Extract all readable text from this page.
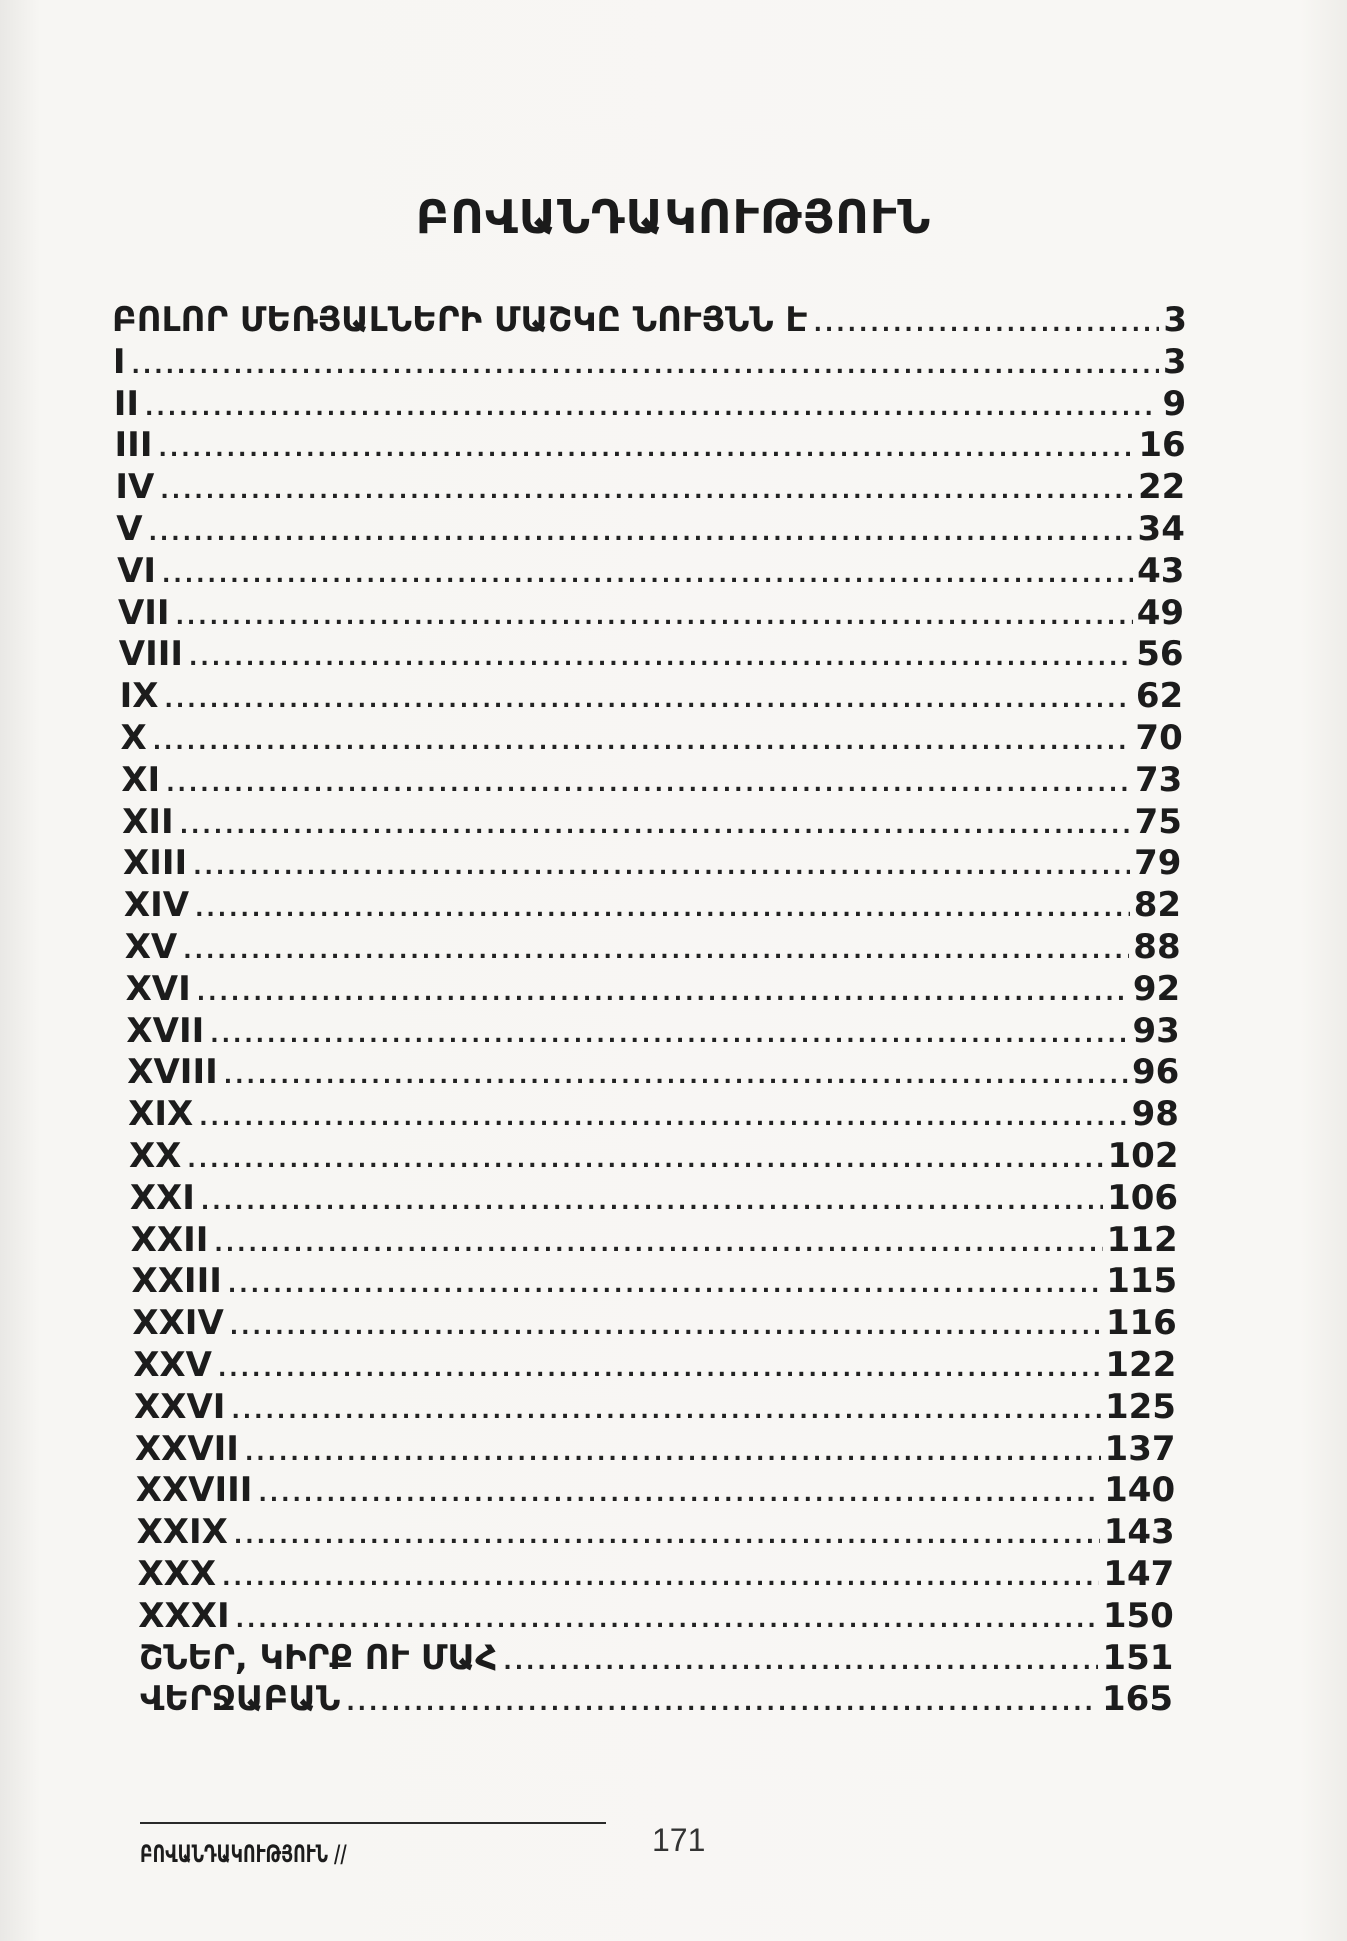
ԲՈՎԱՆԴԱԿՈՒԹՅՈՒՆ
ԲՈԼՈՐ ՄԵՌՅԱԼՆԵՐԻ ՄԱՇԿԸ ՆՈՒՅՆՆ Է .....	3
I .....	3
II .....	9
III .....	16
IV .....	22
V .....	34
VI .....	43
VII .....	49
VIII .....	56
IX .....	62
X .....	70
XI .....	73
XII .....	75
XIII .....	79
XIV .....	82
XV .....	88
XVI .....	92
XVII .....	93
XVIII .....	96
XIX .....	98
XX .....	102
XXI .....	106
XXII .....	112
XXIII .....	115
XXIV .....	116
XXV .....	122
XXVI .....	125
XXVII .....	137
XXVIII .....	140
XXIX .....	143
XXX .....	147
XXXI .....	150
ՇՆԵՐ, ԿԻՐՔ ՈՒ ՄԱՀ .....	151
ՎԵՐՋԱԲԱՆ .....	165
ԲՈՎԱՆԴԱԿՈՒԹՅՈՒՆ //	171
